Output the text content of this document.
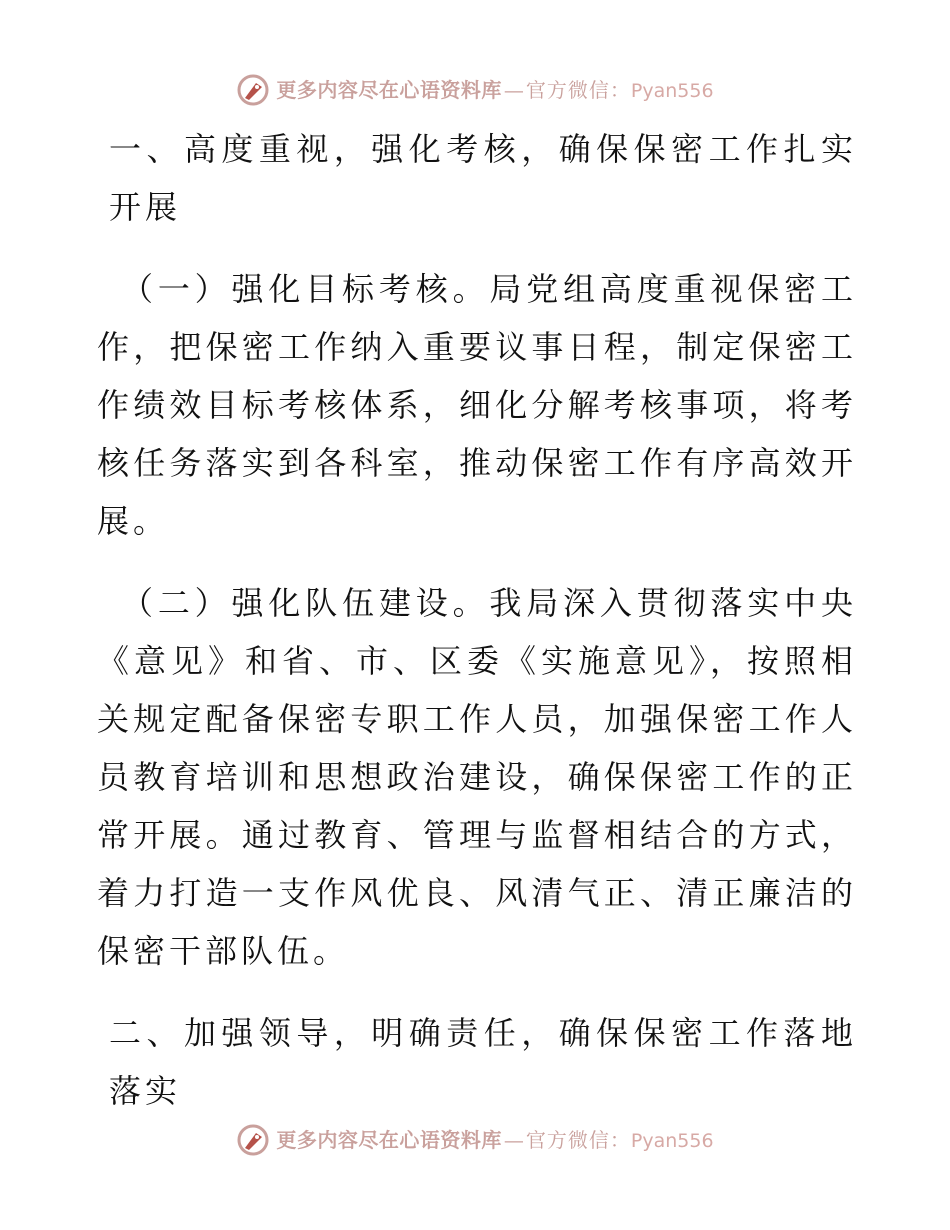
更多内容尽在心语资料库 — 官方微信： Pyan556

一、高度重视，强化考核，确保保密工作扎实开展

（一）强化目标考核。局党组高度重视保密工作，把保密工作纳入重要议事日程，制定保密工作绩效目标考核体系，细化分解考核事项，将考核任务落实到各科室，推动保密工作有序高效开展。

（二）强化队伍建设。我局深入贯彻落实中央《意见》和省、市、区委《实施意见》，按照相关规定配备保密专职工作人员，加强保密工作人员教育培训和思想政治建设，确保保密工作的正常开展。通过教育、管理与监督相结合的方式，着力打造一支作风优良、风清气正、清正廉洁的保密干部队伍。

二、加强领导，明确责任，确保保密工作落地落实

更多内容尽在心语资料库 — 官方微信： Pyan556
